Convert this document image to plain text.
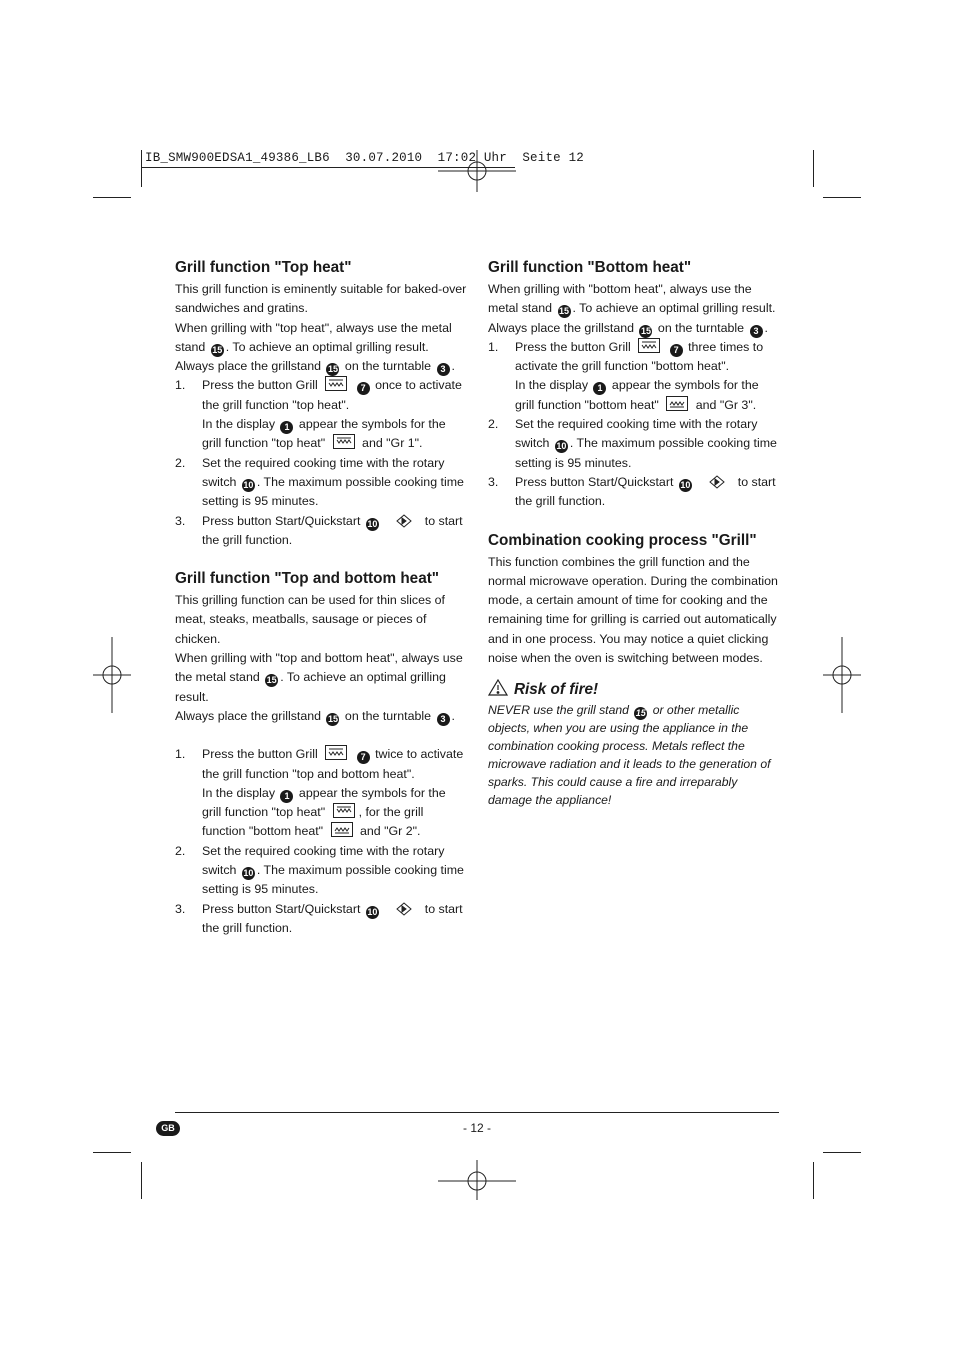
IB_SMW900EDSA1_49386_LB6  30.07.2010  17:02 Uhr  Seite 12
Grill function "Top heat"

This grill function is eminently suitable for baked-over sandwiches and gratins.

When grilling with "top heat", always use the metal stand 15 . To achieve an optimal grilling result.

Always place the grillstand 15 on the turntable 3 .

1. Press the button Grill	7 once to activate the grill function "top heat".
In the display 1 appear the symbols for the grill function "top heat"	and "Gr 1".
2. Set the required cooking time with the rotary switch 10 . The maximum possible cooking time setting is 95 minutes.
3. Press button Start/Quickstart 10	to start the grill function.
Grill function "Top and bottom heat"

This grilling function can be used for thin slices of meat, steaks, meatballs, sausage or pieces of chicken.

When grilling with "top and bottom heat", always use the metal stand 15 . To achieve an optimal grilling result.

Always place the grillstand 15 on the turntable 3 .

1. Press the button Grill	7 twice to activate the grill function "top and bottom heat".
In the display 1 appear the symbols for the grill function "top heat"	, for the grill function "bottom heat"	and "Gr 2".
2. Set the required cooking time with the rotary switch 10 . The maximum possible cooking time setting is 95 minutes.
3. Press button Start/Quickstart 10	to start the grill function.
Grill function "Bottom heat"

When grilling with "bottom heat", always use the metal stand 15 . To achieve an optimal grilling result.

Always place the grillstand 15 on the turntable 3 .

1. Press the button Grill	7 three times to activate the grill function "bottom heat".
In the display 1 appear the symbols for the grill function "bottom heat"	and "Gr 3".
2. Set the required cooking time with the rotary switch 10 . The maximum possible cooking time setting is 95 minutes.
3. Press button Start/Quickstart 10	to start the grill function.
Combination cooking process "Grill"

This function combines the grill function and the normal microwave operation. During the combination mode, a certain amount of time for cooking and the remaining time for grilling is carried out automatically and in one process. You may notice a quiet clicking noise when the oven is switching between modes.

Risk of fire!

NEVER use the grill stand 15 or other metallic objects, when you are using the appliance in the combination cooking process. Metals reflect the microwave radiation and it leads to the generation of sparks. This could cause a fire and irreparably damage the appliance!

GB	- 12 -
